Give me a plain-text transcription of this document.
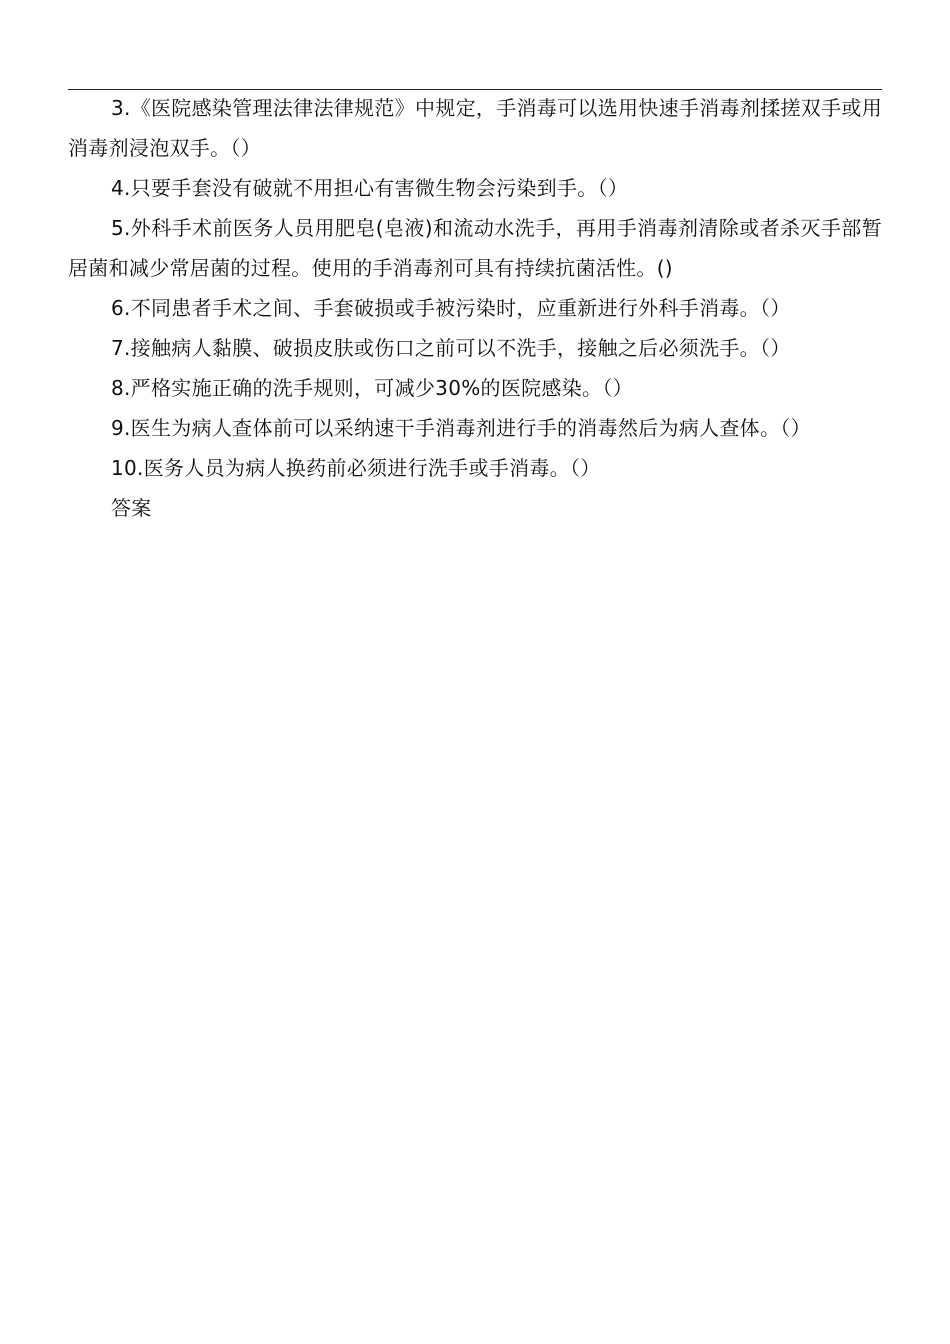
3.《医院感染管理法律法律规范》中规定，手消毒可以选用快速手消毒剂揉搓双手或用消毒剂浸泡双手。（）

4.只要手套没有破就不用担心有害微生物会污染到手。（）

5.外科手术前医务人员用肥皂(皂液)和流动水洗手，再用手消毒剂清除或者杀灭手部暂居菌和减少常居菌的过程。使用的手消毒剂可具有持续抗菌活性。()

6.不同患者手术之间、手套破损或手被污染时，应重新进行外科手消毒。（）

7.接触病人黏膜、破损皮肤或伤口之前可以不洗手，接触之后必须洗手。（）

8.严格实施正确的洗手规则，可减少30%的医院感染。（）

9.医生为病人查体前可以采纳速干手消毒剂进行手的消毒然后为病人查体。（）

10.医务人员为病人换药前必须进行洗手或手消毒。（）

答案
